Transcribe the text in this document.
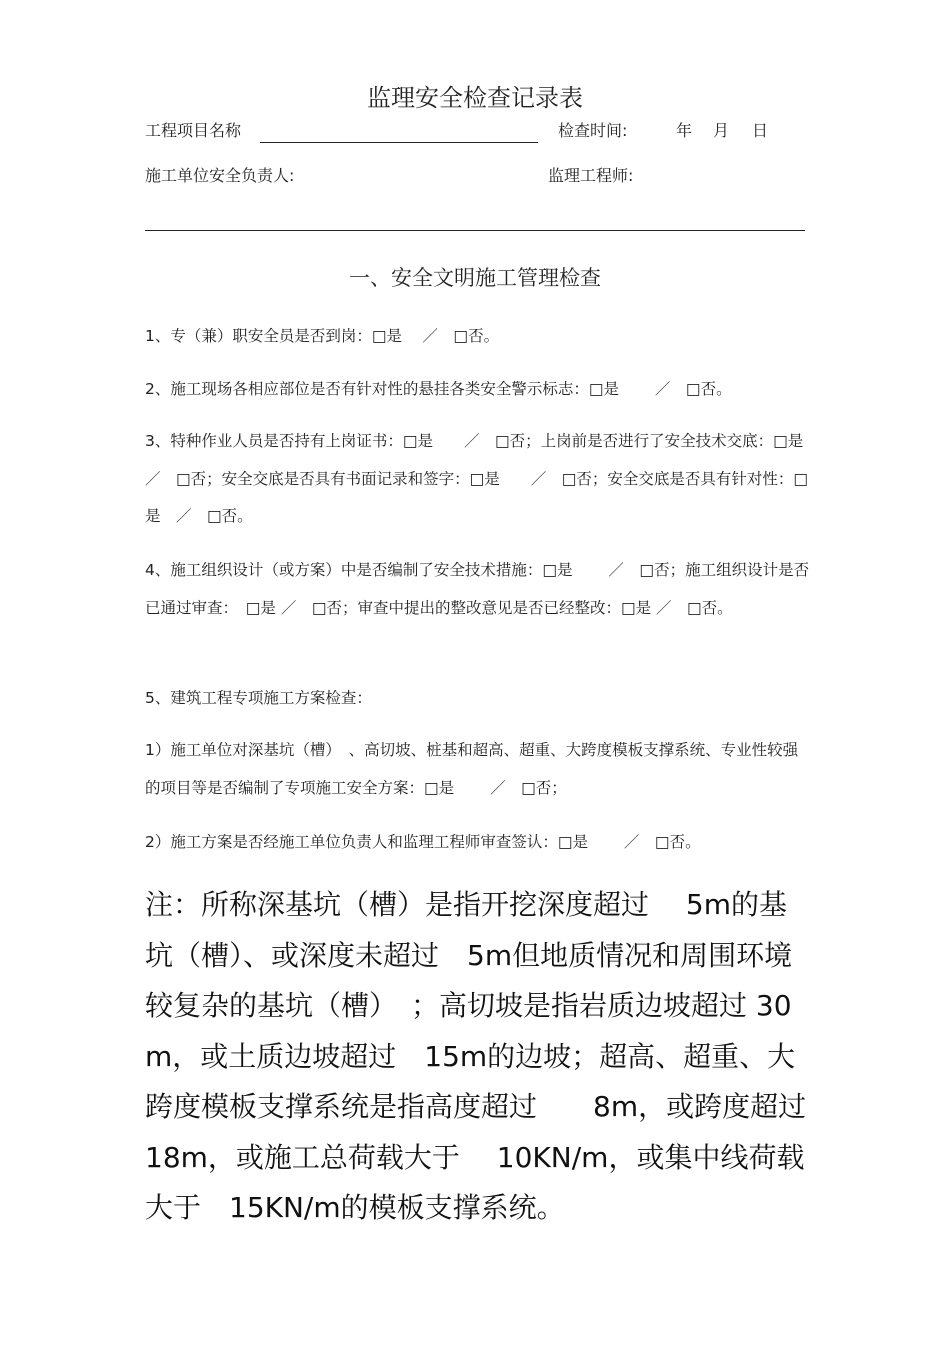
监理安全检查记录表
工程项目名称	检查时间:	年 月 日
施工单位安全负责人:	监理工程师:
一、安全文明施工管理检查
1、专（兼）职安全员是否到岗：□是　 ／　□否。
2、施工现场各相应部位是否有针对性的悬挂各类安全警示标志：□是　　 ／　□否。
3、特种作业人员是否持有上岗证书：□是　　／　□否；上岗前是否进行了安全技术交底：□是　／　□否；安全交底是否具有书面记录和签字：□是　　／　□否；安全交底是否具有针对性：□是　／　□否。
4、施工组织设计（或方案）中是否编制了安全技术措施：□是　　 ／　□否；施工组织设计是否已通过审查：　□是 ／　□否；审查中提出的整改意见是否已经整改：□是 ／　□否。
5、建筑工程专项施工方案检查：
1）施工单位对深基坑（槽）　、高切坡、桩基和超高、超重、大跨度模板支撑系统、专业性较强的项目等是否编制了专项施工安全方案：□是　　 ／　□否；
2）施工方案是否经施工单位负责人和监理工程师审查签认：□是　　 ／　□否。
注：所称深基坑（槽）是指开挖深度超过　 5m的基坑（槽）、或深度未超过　5m但地质情况和周围环境较复杂的基坑（槽）　；高切坡是指岩质边坡超过 30m，或土质边坡超过　15m的边坡；超高、超重、大跨度模板支撑系统是指高度超过　　8m，或跨度超过　18m，或施工总荷载大于　 10KN/m，或集中线荷载大于　15KN/m的模板支撑系统。
